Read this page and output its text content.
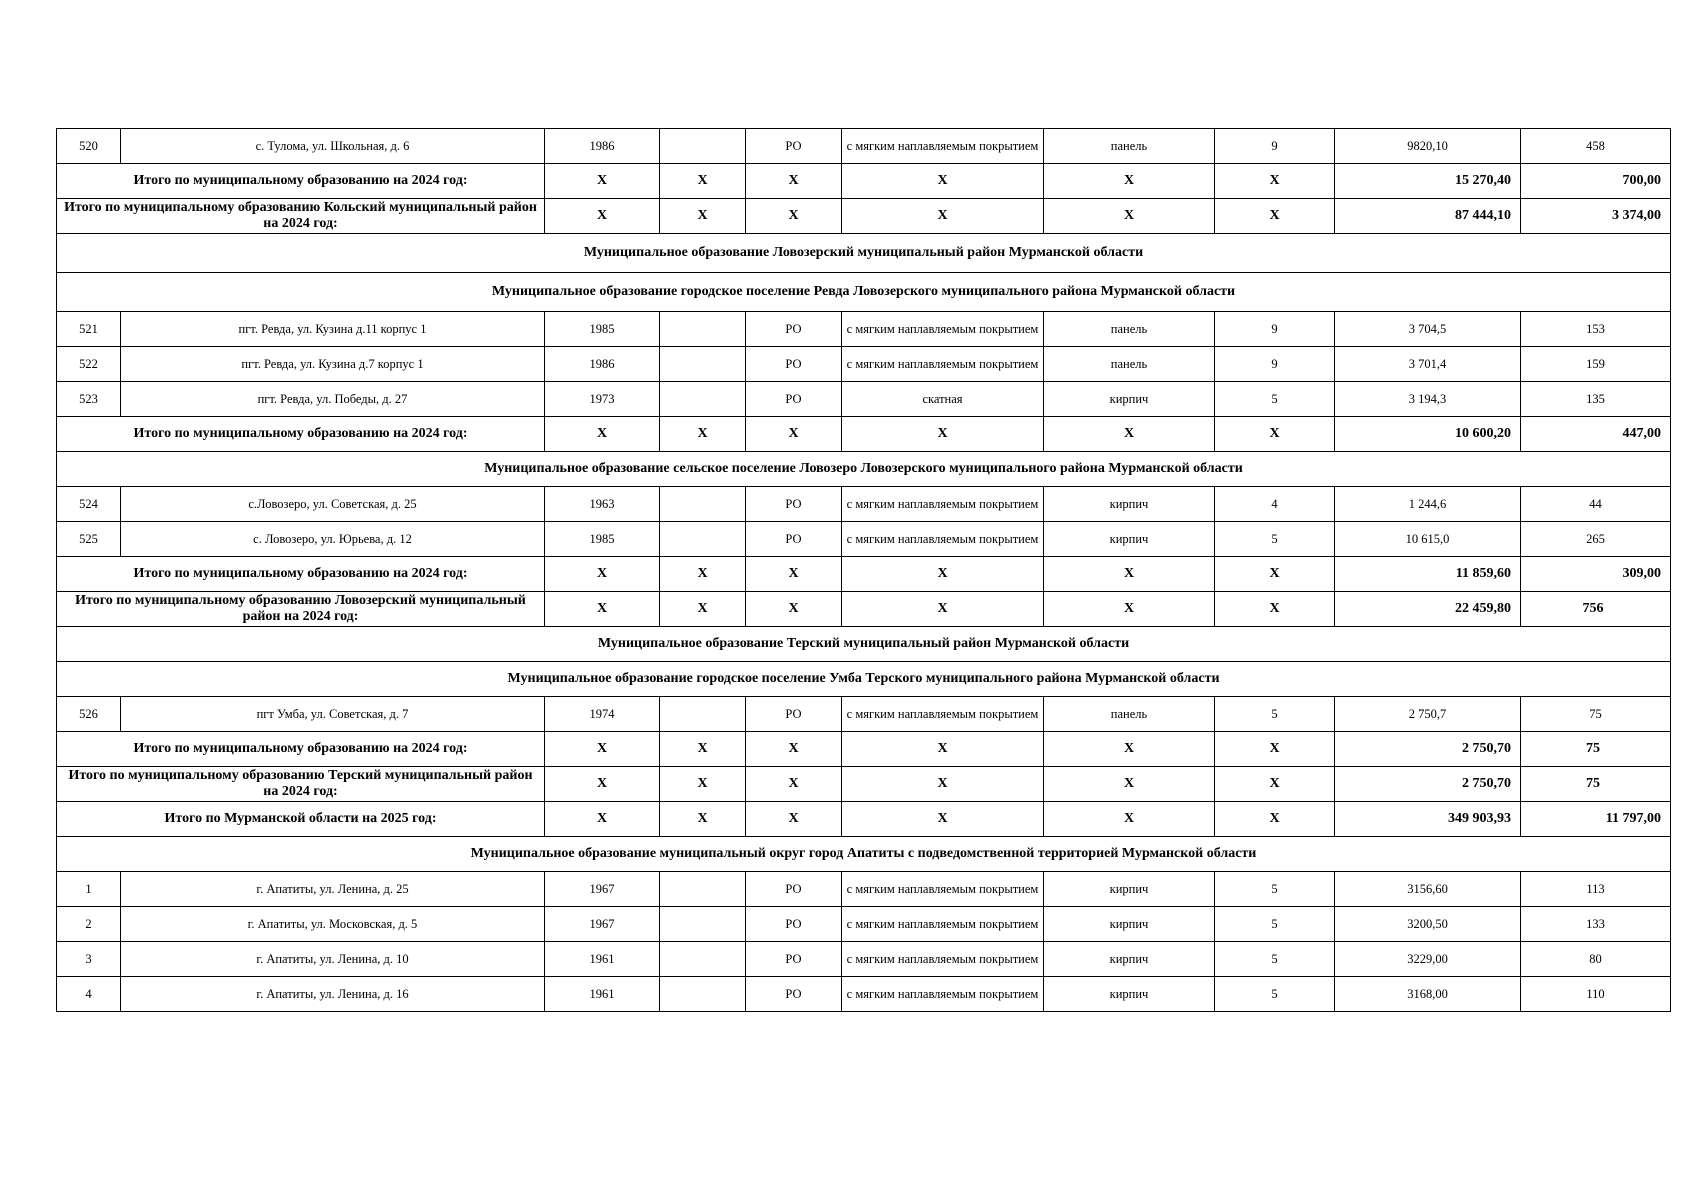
520	с. Тулома, ул. Школьная, д. 6	1986		РО	с мягким наплавляемым покрытием	панель	9	9820,10	458
Итого по муниципальному образованию на 2024 год:		X	X	X	X	X	X	15 270,40	700,00
Итого по муниципальному образованию Кольский муниципальный район на 2024 год:		X	X	X	X	X	X	87 444,10	3 374,00
Муниципальное образование Ловозерский муниципальный район Мурманской области									
Муниципальное образование городское поселение Ревда Ловозерского муниципального района Мурманской области									
521	пгт. Ревда, ул. Кузина д.11 корпус 1	1985		РО	с мягким наплавляемым покрытием	панель	9	3 704,5	153
522	пгт. Ревда, ул. Кузина д.7 корпус 1	1986		РО	с мягким наплавляемым покрытием	панель	9	3 701,4	159
523	пгт. Ревда, ул. Победы, д. 27	1973		РО	скатная	кирпич	5	3 194,3	135
Итого по муниципальному образованию на 2024 год:		X	X	X	X	X	X	10 600,20	447,00
Муниципальное образование сельское поселение Ловозеро Ловозерского муниципального района Мурманской области									
524	с.Ловозеро, ул. Советская, д. 25	1963		РО	с мягким наплавляемым покрытием	кирпич	4	1 244,6	44
525	с. Ловозеро, ул. Юрьева, д. 12	1985		РО	с мягким наплавляемым покрытием	кирпич	5	10 615,0	265
Итого по муниципальному образованию на 2024 год:		X	X	X	X	X	X	11 859,60	309,00
Итого по муниципальному образованию Ловозерский муниципальный район на 2024 год:		X	X	X	X	X	X	22 459,80	756
Муниципальное образование Терский муниципальный район Мурманской области									
Муниципальное образование городское поселение Умба Терского муниципального района Мурманской области									
526	пгт Умба, ул. Советская, д. 7	1974		РО	с мягким наплавляемым покрытием	панель	5	2 750,7	75
Итого по муниципальному образованию на 2024 год:		X	X	X	X	X	X	2 750,70	75
Итого по муниципальному образованию Терский муниципальный район на 2024 год:		X	X	X	X	X	X	2 750,70	75
Итого по Мурманской области на 2025 год:		X	X	X	X	X	X	349 903,93	11 797,00
Муниципальное образование муниципальный округ город Апатиты с подведомственной территорией Мурманской области									
1	г. Апатиты, ул. Ленина, д. 25	1967		РО	с мягким наплавляемым покрытием	кирпич	5	3156,60	113
2	г. Апатиты, ул. Московская, д. 5	1967		РО	с мягким наплавляемым покрытием	кирпич	5	3200,50	133
3	г. Апатиты, ул. Ленина, д. 10	1961		РО	с мягким наплавляемым покрытием	кирпич	5	3229,00	80
4	г. Апатиты, ул. Ленина, д. 16	1961		РО	с мягким наплавляемым покрытием	кирпич	5	3168,00	110
